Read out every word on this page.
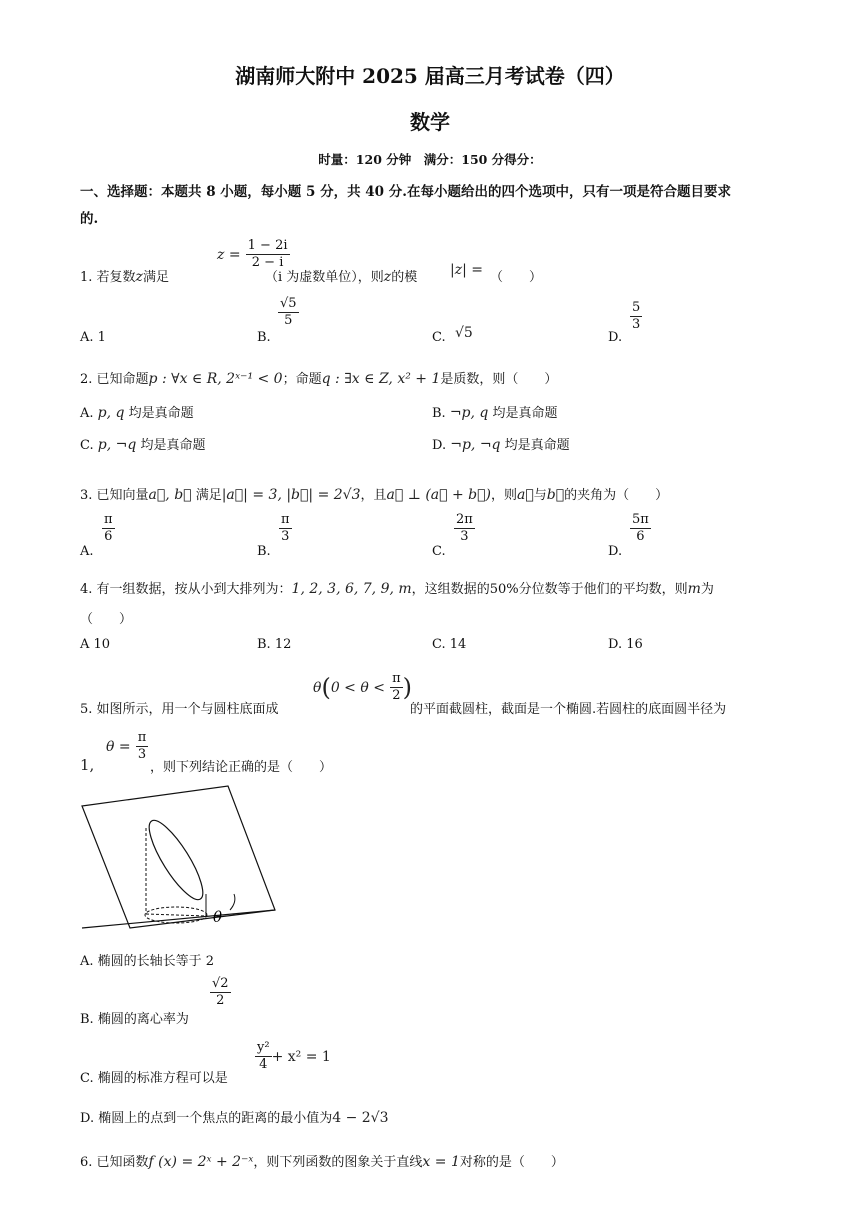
湖南师大附中 2025 届高三月考试卷（四）
数学
时量：120 分钟　满分：150 分得分：
一、选择题：本题共 8 小题，每小题 5 分，共 40 分.在每小题给出的四个选项中，只有一项是符合题目要求
的.
1. 若复数z满足
$z = \frac{1 - 2i}{2 - i}$
（i 为虚数单位），则z的模 |z| = （　　）
A. 1	B.
$\frac{√5}{5}$
C. √5	D.
$\frac{5}{3}$
2. 已知命题p : ∀x ∈ R, 2ˣ⁻¹ < 0；命题q : ∃x ∈ Z, x² + 1是质数，则（　　）
A. p, q 均是真命题	B. ¬p, q 均是真命题
C. p, ¬q 均是真命题	D. ¬p, ¬q 均是真命题
3. 已知向量a⃗, b⃗ 满足|a⃗| = 3, |b⃗| = 2√3，且a⃗ ⊥ (a⃗ + b⃗)，则a⃗与b⃗的夹角为（　　）
A.
$\frac{\pi}{6}$
B.
$\frac{\pi}{3}$
C.
$\frac{2\pi}{3}$
D.
$\frac{5\pi}{6}$
4. 有一组数据，按从小到大排列为：1, 2, 3, 6, 7, 9, m，这组数据的50%分位数等于他们的平均数，则m为
（　　）
A 10	B. 12	C. 14	D. 16
5. 如图所示，用一个与圆柱底面成
$\theta(0 < \theta < \frac{\pi}{2}$ )
的平面截圆柱，截面是一个椭圆.若圆柱的底面圆半径为
1,
$\theta = \frac{\pi}{3}$
，则下列结论正确的是（　　）
θ
A. 椭圆的长轴长等于 2
B. 椭圆的离心率为
$\frac{√2}{2}$
C. 椭圆的标准方程可以是
$\frac{\text{y²}}{4} + x^2 = 1$
D. 椭圆上的点到一个焦点的距离的最小值为4 − 2√3
6. 已知函数f (x) = 2ˣ + 2⁻ˣ，则下列函数的图象关于直线x = 1对称的是（　　）
